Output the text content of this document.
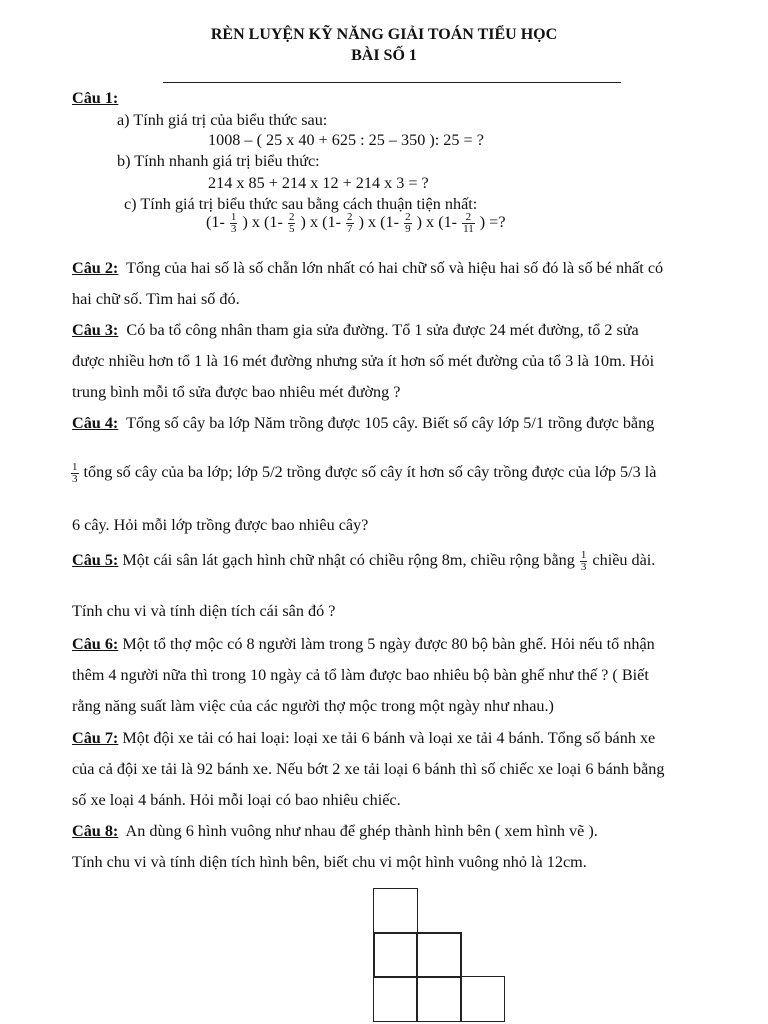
RÈN LUYỆN KỸ NĂNG GIẢI TOÁN TIỂU HỌC
BÀI SỐ 1
Câu 1:
a) Tính giá trị của biểu thức sau:
1008 – ( 25 x 40 + 625 : 25 – 350 ): 25 = ?
b) Tính nhanh giá trị biểu thức:
214 x 85 + 214 x 12 + 214 x 3 = ?
c) Tính giá trị biểu thức sau bằng cách thuận tiện nhất:
($1- \frac{1}{3}$ ) x ($1- \frac{2}{5}$ ) x ($1- \frac{2}{7}$ ) x ($1- \frac{2}{9}$ ) x ($1- \frac{2}{11}$ ) =?
Câu 2: Tổng của hai số là số chẵn lớn nhất có hai chữ số và hiệu hai số đó là số bé nhất có
hai chữ số. Tìm hai số đó.
Câu 3: Có ba tổ công nhân tham gia sửa đường. Tổ 1 sửa được 24 mét đường, tổ 2 sửa
được nhiều hơn tổ 1 là 16 mét đường nhưng sửa ít hơn số mét đường của tổ 3 là 10m. Hỏi
trung bình mỗi tổ sửa được bao nhiêu mét đường ?
Câu 4: Tổng số cây ba lớp Năm trồng được 105 cây. Biết số cây lớp 5/1 trồng được bằng
$\frac{1}{3}$ tổng số cây của ba lớp; lớp 5/2 trồng được số cây ít hơn số cây trồng được của lớp 5/3 là
6 cây. Hỏi mỗi lớp trồng được bao nhiêu cây?
Câu 5: Một cái sân lát gạch hình chữ nhật có chiều rộng 8m, chiều rộng bằng $\frac{1}{3}$ chiều dài.
Tính chu vi và tính diện tích cái sân đó ?
Câu 6: Một tổ thợ mộc có 8 người làm trong 5 ngày được 80 bộ bàn ghế. Hỏi nếu tổ nhận
thêm 4 người nữa thì trong 10 ngày cả tổ làm được bao nhiêu bộ bàn ghế như thế ? ( Biết
rằng năng suất làm việc của các người thợ mộc trong một ngày như nhau.)
Câu 7: Một đội xe tải có hai loại: loại xe tải 6 bánh và loại xe tải 4 bánh. Tổng số bánh xe
của cả đội xe tải là 92 bánh xe. Nếu bớt 2 xe tải loại 6 bánh thì số chiếc xe loại 6 bánh bằng
số xe loại 4 bánh. Hỏi mỗi loại có bao nhiêu chiếc.
Câu 8: An dùng 6 hình vuông như nhau để ghép thành hình bên ( xem hình vẽ ).
Tính chu vi và tính diện tích hình bên, biết chu vi một hình vuông nhỏ là 12cm.
